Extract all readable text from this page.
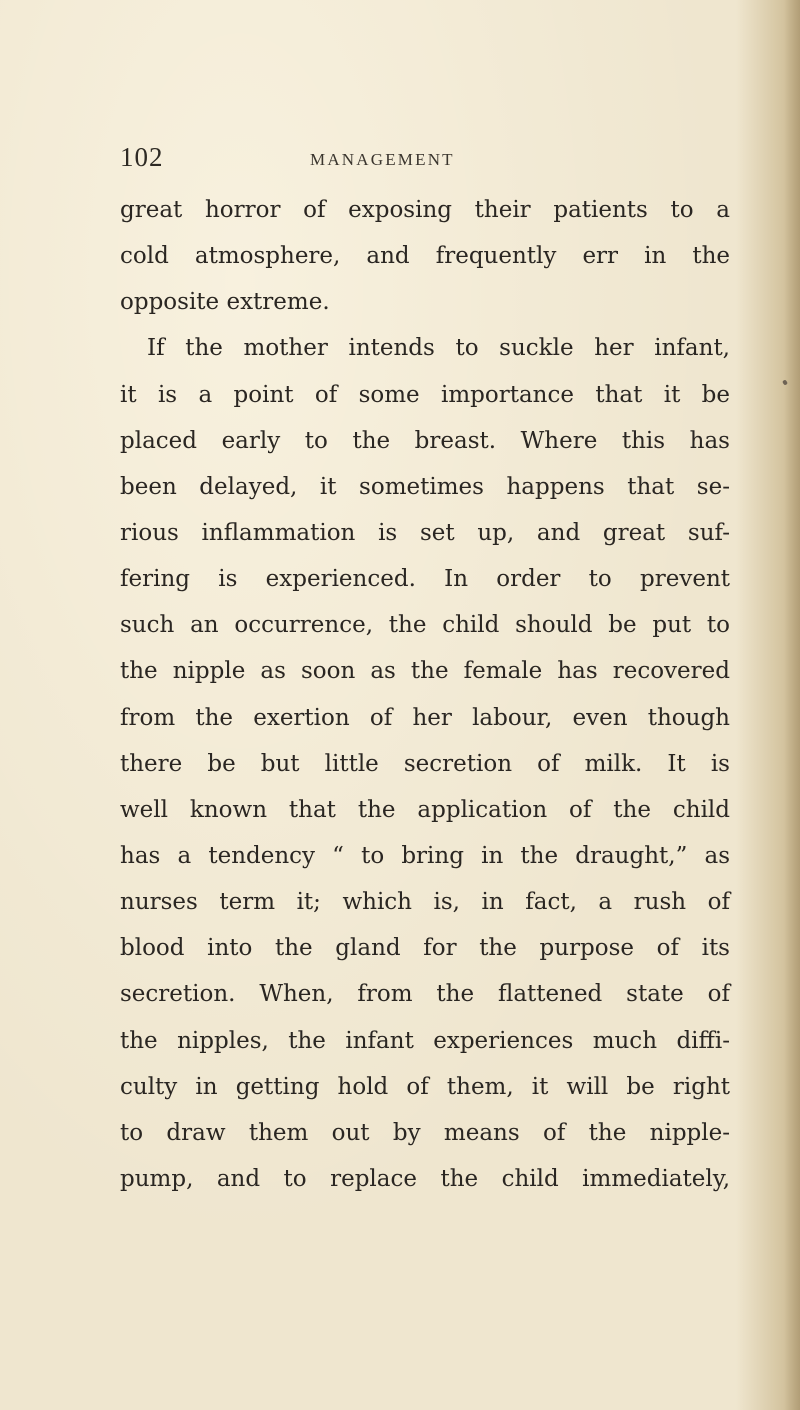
102	MANAGEMENT
great horror of exposing their patients to a
cold atmosphere, and frequently err in the
opposite extreme.
If the mother intends to suckle her infant,
it is a point of some importance that it be
placed early to the breast. Where this has
been delayed, it sometimes happens that se-
rious inflammation is set up, and great suf-
fering is experienced. In order to prevent
such an occurrence, the child should be put to
the nipple as soon as the female has recovered
from the exertion of her labour, even though
there be but little secretion of milk. It is
well known that the application of the child
has a tendency “ to bring in the draught,” as
nurses term it; which is, in fact, a rush of
blood into the gland for the purpose of its
secretion. When, from the flattened state of
the nipples, the infant experiences much diffi-
culty in getting hold of them, it will be right
to draw them out by means of the nipple-
pump, and to replace the child immediately,
